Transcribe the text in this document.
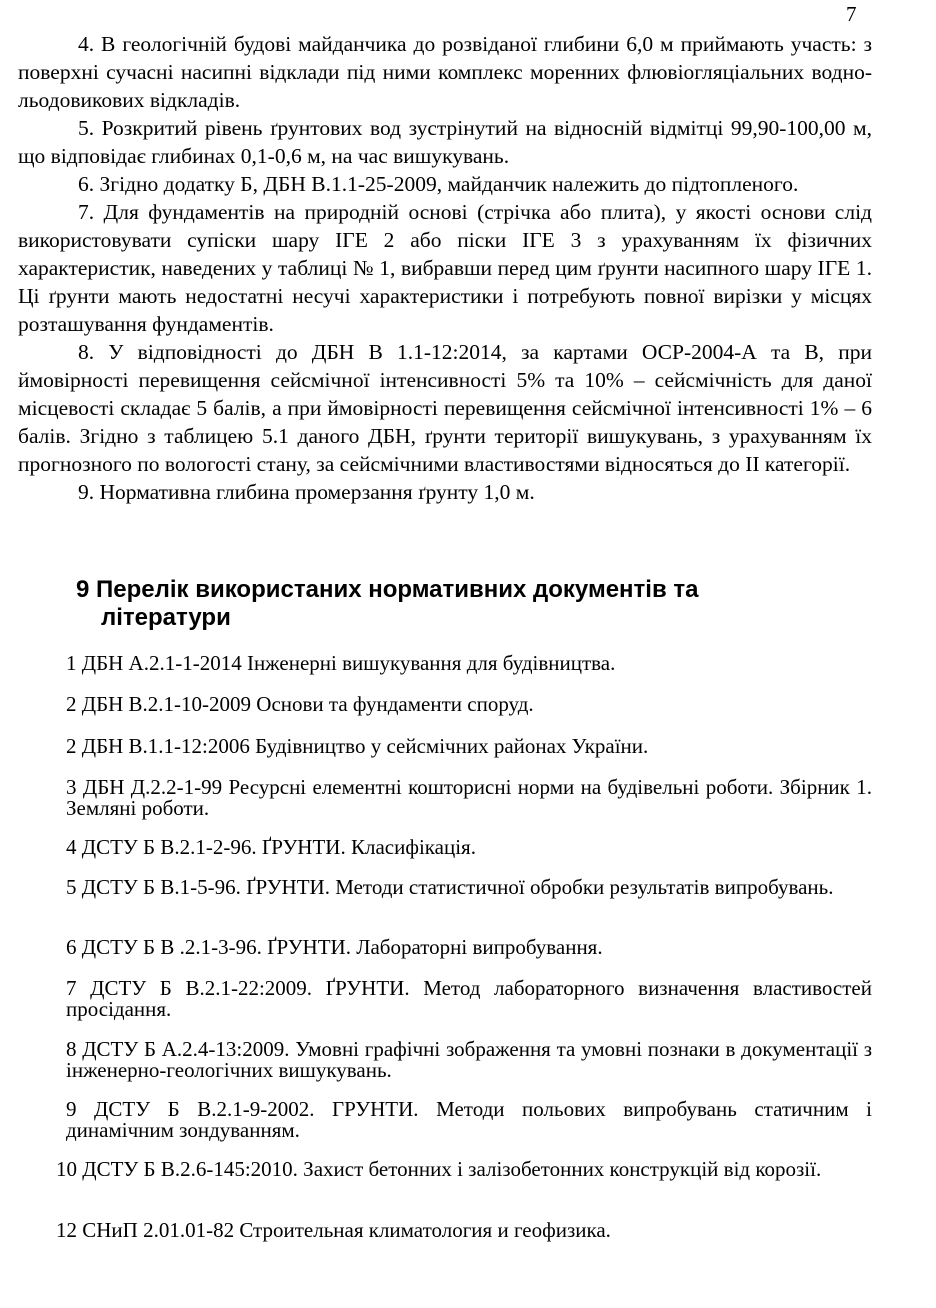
7

4. В геологічній будові майданчика до розвіданої глибини 6,0 м приймають участь: з поверхні сучасні насипні відклади під ними комплекс моренних флювіогляціальних водно-льодовикових відкладів.

5. Розкритий рівень ґрунтових вод зустрінутий на відносній відмітці 99,90-100,00 м, що відповідає глибинах 0,1-0,6 м, на час вишукувань.

6. Згідно додатку Б, ДБН В.1.1-25-2009, майданчик належить до підтопленого.

7. Для фундаментів на природній основі (стрічка або плита), у якості основи слід використовувати супіски шару ІГЕ 2 або піски ІГЕ 3 з урахуванням їх фізичних характеристик, наведених у таблиці № 1, вибравши перед цим ґрунти насипного шару ІГЕ 1. Ці ґрунти мають недостатні несучі характеристики і потребують повної вирізки у місцях розташування фундаментів.

8. У відповідності до ДБН В 1.1-12:2014, за картами ОСР-2004-А та В, при ймовірності перевищення сейсмічної інтенсивності 5% та 10% – сейсмічність для даної місцевості складає 5 балів, а при ймовірності перевищення сейсмічної інтенсивності 1% – 6 балів. Згідно з таблицею 5.1 даного ДБН, ґрунти території вишукувань, з урахуванням їх прогнозного по вологості стану, за сейсмічними властивостями відносяться до ІІ категорії.

9. Нормативна глибина промерзання ґрунту 1,0 м.

9 Перелік використаних нормативних документів та
літератури
1 ДБН А.2.1-1-2014 Інженерні вишукування для будівництва.
2 ДБН В.2.1-10-2009 Основи та фундаменти споруд.
2 ДБН В.1.1-12:2006 Будівництво у сейсмічних районах України.
3 ДБН Д.2.2-1-99 Ресурсні елементні кошторисні норми на будівельні роботи. Збірник 1. Земляні роботи.
4 ДСТУ Б В.2.1-2-96. ҐРУНТИ. Класифікація.
5 ДСТУ Б В.1-5-96. ҐРУНТИ. Методи статистичної обробки результатів випробувань.
6 ДСТУ Б В .2.1-3-96. ҐРУНТИ. Лабораторні випробування.
7 ДСТУ Б В.2.1-22:2009. ҐРУНТИ. Метод лабораторного визначення властивостей просідання.
8 ДСТУ Б А.2.4-13:2009. Умовні графічні зображення та умовні познаки в документації з інженерно-геологічних вишукувань.
9 ДСТУ Б В.2.1-9-2002. ГРУНТИ. Методи польових випробувань статичним і динамічним зондуванням.
10 ДСТУ Б В.2.6-145:2010. Захист бетонних і залізобетонних конструкцій від корозії.
12 СНиП 2.01.01-82 Строительная климатология и геофизика.
